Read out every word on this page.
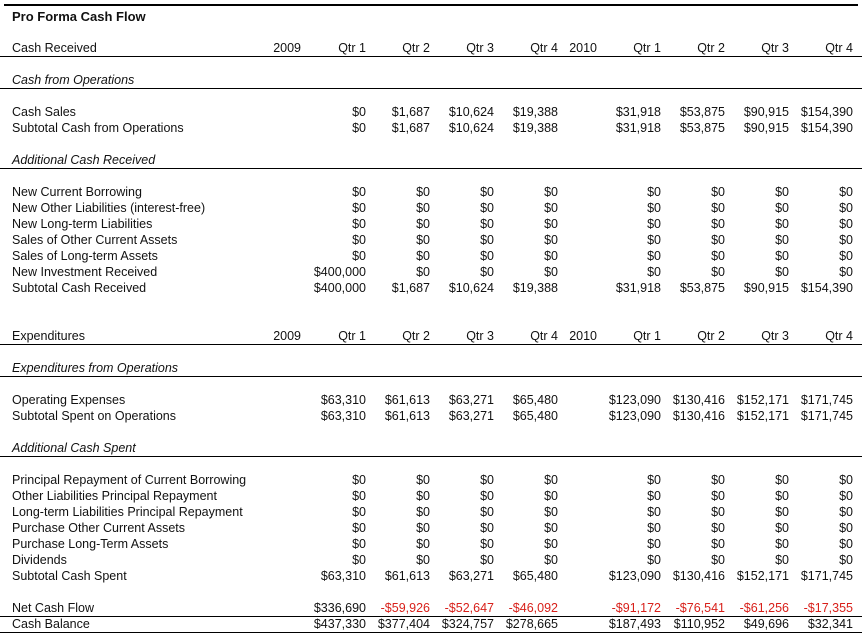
Pro Forma Cash Flow
Cash Received	2009	Qtr 1	Qtr 2	Qtr 3	Qtr 4 2010	Qtr 1	Qtr 2	Qtr 3	Qtr 4
Cash from Operations
Cash Sales	$0 $1,687 $10,624 $19,388	$31,918 $53,875 $90,915 $154,390
Subtotal Cash from Operations	$0 $1,687 $10,624 $19,388	$31,918 $53,875 $90,915 $154,390
Additional Cash Received
New Current Borrowing	$0	$0	$0	$0	$0	$0	$0	$0
New Other Liabilities (interest-free)	$0	$0	$0	$0	$0	$0	$0	$0
New Long-term Liabilities	$0	$0	$0	$0	$0	$0	$0	$0
Sales of Other Current Assets	$0	$0	$0	$0	$0	$0	$0	$0
Sales of Long-term Assets	$0	$0	$0	$0	$0	$0	$0	$0
New Investment Received	$400,000	$0	$0	$0	$0	$0	$0	$0
Subtotal Cash Received	$400,000 $1,687 $10,624 $19,388	$31,918 $53,875 $90,915 $154,390
Expenditures	2009	Qtr 1	Qtr 2	Qtr 3	Qtr 4 2010	Qtr 1	Qtr 2	Qtr 3	Qtr 4
Expenditures from Operations
Operating Expenses	$63,310 $61,613 $63,271 $65,480	$123,090 $130,416 $152,171 $171,745
Subtotal Spent on Operations	$63,310 $61,613 $63,271 $65,480	$123,090 $130,416 $152,171 $171,745
Additional Cash Spent
Principal Repayment of Current Borrowing	$0	$0	$0	$0	$0	$0	$0	$0
Other Liabilities Principal Repayment	$0	$0	$0	$0	$0	$0	$0	$0
Long-term Liabilities Principal Repayment	$0	$0	$0	$0	$0	$0	$0	$0
Purchase Other Current Assets	$0	$0	$0	$0	$0	$0	$0	$0
Purchase Long-Term Assets	$0	$0	$0	$0	$0	$0	$0	$0
Dividends	$0	$0	$0	$0	$0	$0	$0	$0
Subtotal Cash Spent	$63,310 $61,613 $63,271 $65,480	$123,090 $130,416 $152,171 $171,745
Net Cash Flow	$336,690 -$59,926 -$52,647 -$46,092	-$91,172 -$76,541 -$61,256 -$17,355
Cash Balance	$437,330 $377,404 $324,757 $278,665	$187,493 $110,952 $49,696 $32,341
